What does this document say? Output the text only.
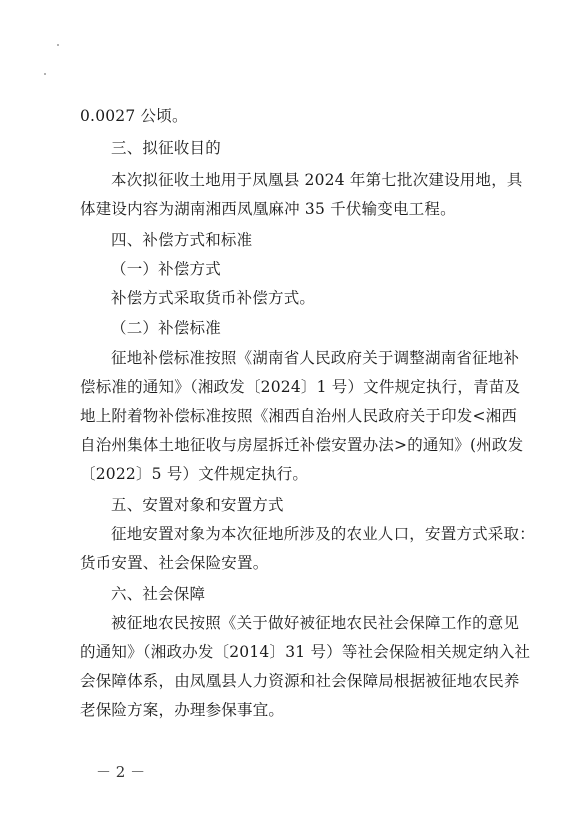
0.0027 公顷。
三、拟征收目的
本次拟征收土地用于凤凰县 2024 年第七批次建设用地，具
体建设内容为湖南湘西凤凰麻冲 35 千伏输变电工程。
四、补偿方式和标准
（一）补偿方式
补偿方式采取货币补偿方式。
（二）补偿标准
征地补偿标准按照《湖南省人民政府关于调整湖南省征地补
偿标准的通知》（湘政发〔2024〕1 号）文件规定执行，青苗及
地上附着物补偿标准按照《湘西自治州人民政府关于印发<湘西
自治州集体土地征收与房屋拆迁补偿安置办法>的通知》(州政发
〔2022〕5 号）文件规定执行。
五、安置对象和安置方式
征地安置对象为本次征地所涉及的农业人口，安置方式采取：
货币安置、社会保险安置。
六、社会保障
被征地农民按照《关于做好被征地农民社会保障工作的意见
的通知》（湘政办发〔2014〕31 号）等社会保险相关规定纳入社
会保障体系，由凤凰县人力资源和社会保障局根据被征地农民养
老保险方案，办理参保事宜。
－ 2 －
